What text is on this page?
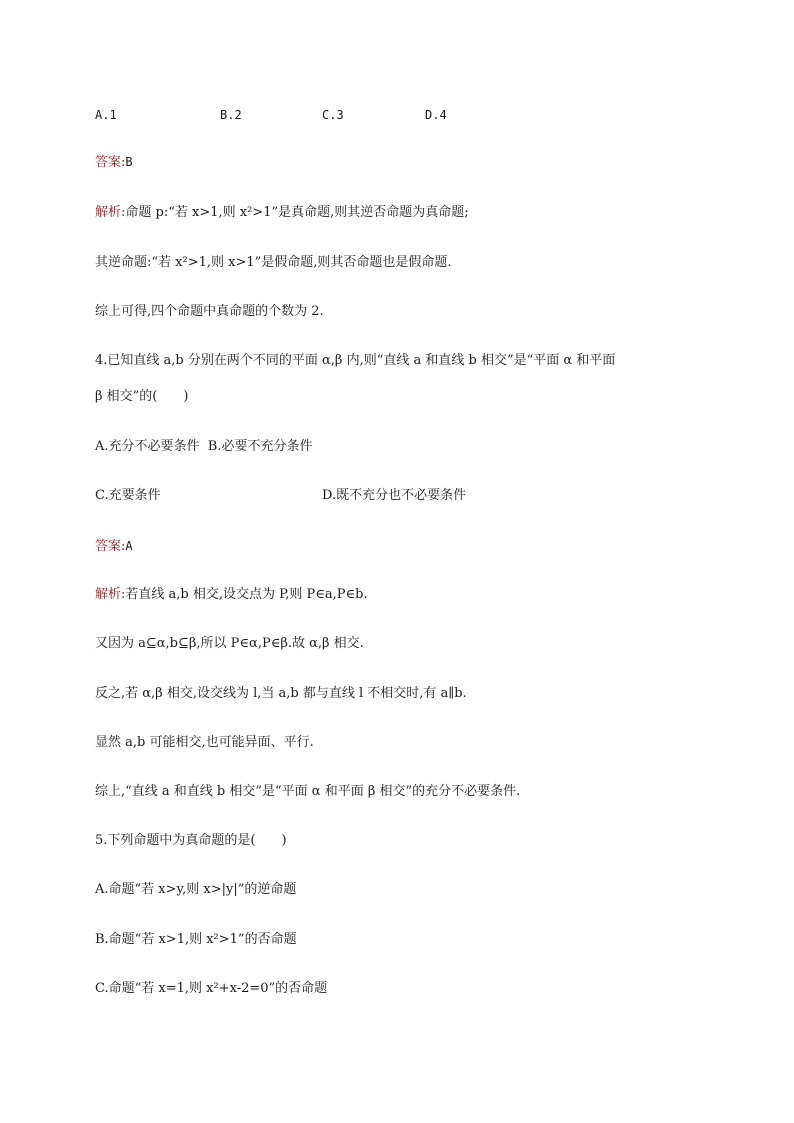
A.1	B.2	C.3	D.4
答案:B
解析:命题 p:“若 x>1,则 x²>1”是真命题,则其逆否命题为真命题;
其逆命题:“若 x²>1,则 x>1”是假命题,则其否命题也是假命题.
综上可得,四个命题中真命题的个数为 2.
4.已知直线 a,b 分别在两个不同的平面 α,β 内,则“直线 a 和直线 b 相交”是“平面 α 和平面
β 相交”的(　　)
A.充分不必要条件 B.必要不充分条件
C.充要条件	D.既不充分也不必要条件
答案:A
解析:若直线 a,b 相交,设交点为 P,则 P∈a,P∈b.
又因为 a⊆α,b⊆β,所以 P∈α,P∈β.故 α,β 相交.
反之,若 α,β 相交,设交线为 l,当 a,b 都与直线 l 不相交时,有 a∥b.
显然 a,b 可能相交,也可能异面、平行.
综上,“直线 a 和直线 b 相交”是“平面 α 和平面 β 相交”的充分不必要条件.
5.下列命题中为真命题的是(　　)
A.命题“若 x>y,则 x>|y|”的逆命题
B.命题“若 x>1,则 x²>1”的否命题
C.命题“若 x=1,则 x²+x-2=0”的否命题
